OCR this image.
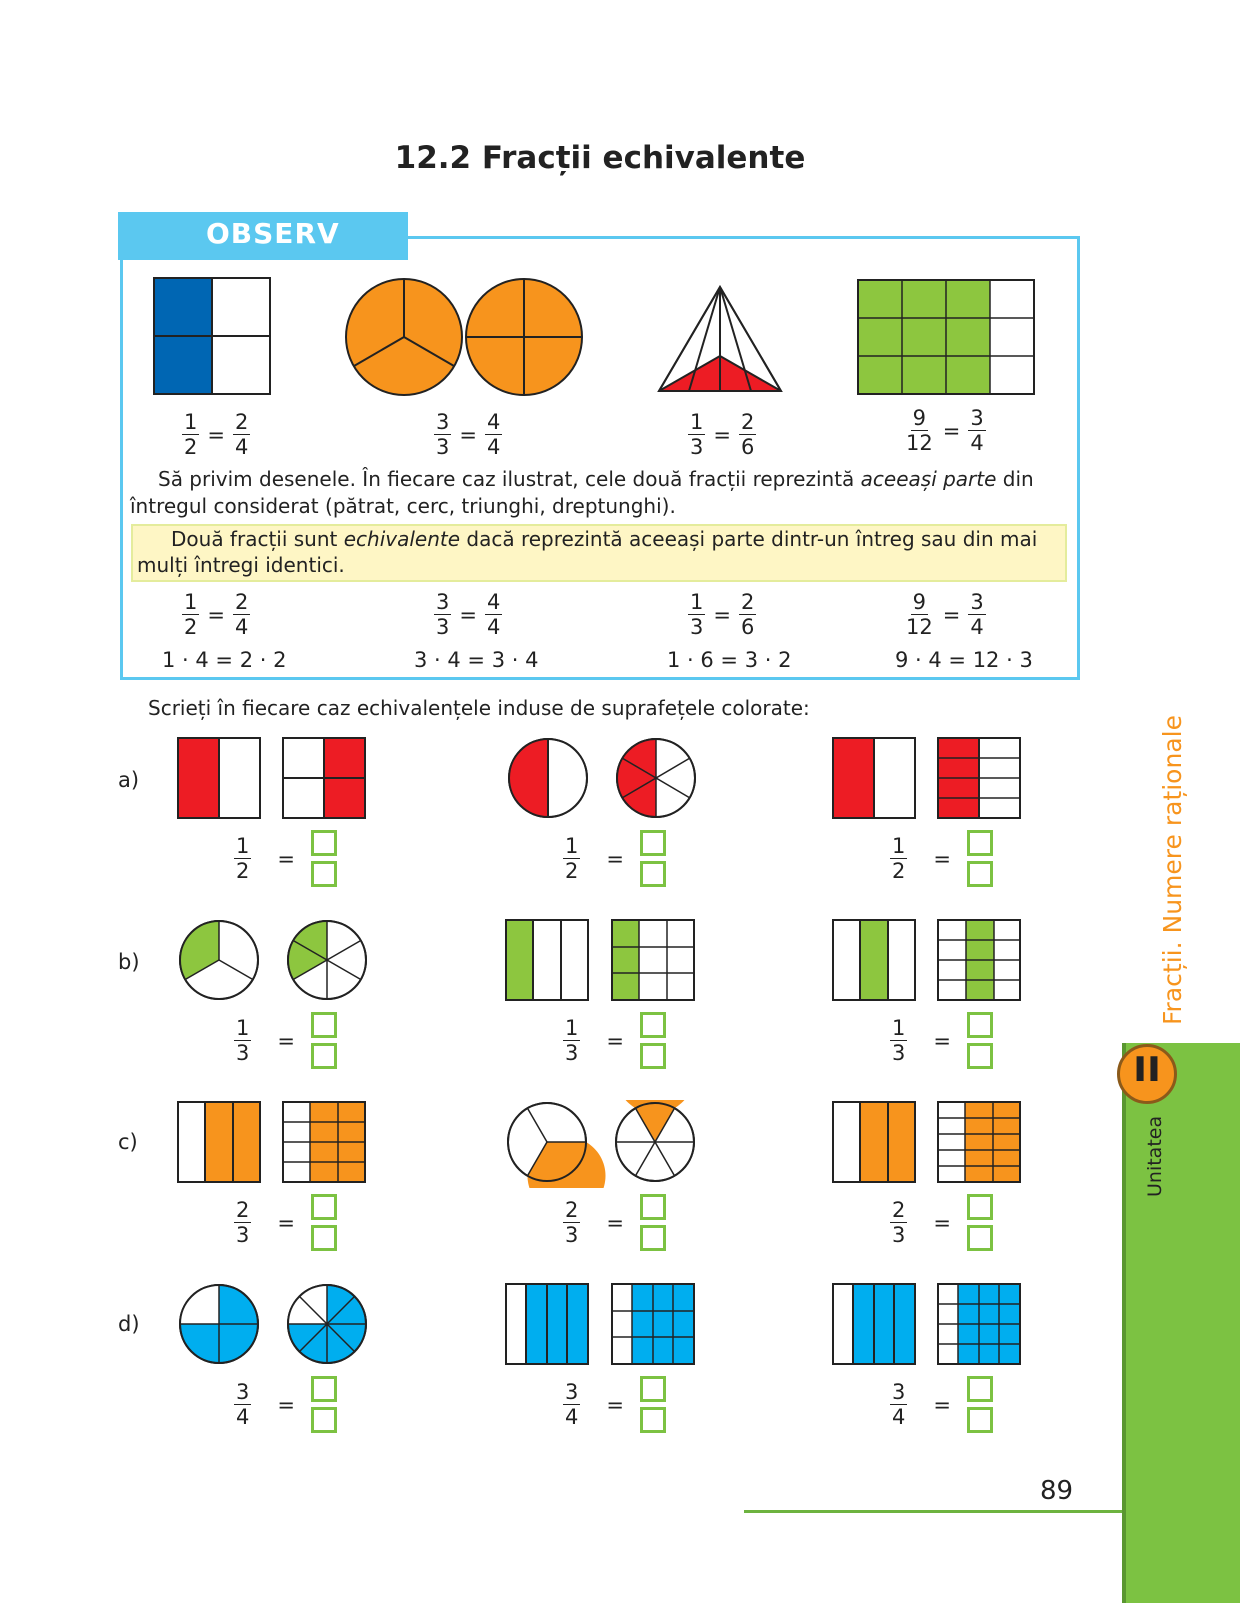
12.2 Fracții echivalente
OBSERV
$\frac{1}{2} = \frac{2}{4}$	$\frac{3}{3} = \frac{4}{4}$	$\frac{1}{3} = \frac{2}{6}$	$\frac{9}{12} = \frac{3}{4}$
Să privim desenele. În fiecare caz ilustrat, cele două fracții reprezintă aceeași parte din întregul considerat (pătrat, cerc, triunghi, dreptunghi).
Două fracții sunt echivalente dacă reprezintă aceeași parte dintr-un întreg sau din mai mulți întregi identici.
$\frac{1}{2} = \frac{2}{4}$	$\frac{3}{3} = \frac{4}{4}$	$\frac{1}{3} = \frac{2}{6}$	$\frac{9}{12} = \frac{3}{4}$
1 · 4 = 2 · 2	3 · 4 = 3 · 4	1 · 6 = 3 · 2	9 · 4 = 12 · 3
Scrieți în fiecare caz echivalențele induse de suprafețele colorate:
a)
b)
c)
d)
$\frac{1}{2}$ =	$\frac{1}{2}$ =	$\frac{1}{2}$ =
$\frac{1}{3}$ =	$\frac{1}{3}$ =	$\frac{1}{3}$ =
$\frac{2}{3}$ =	$\frac{2}{3}$ =	$\frac{2}{3}$ =
$\frac{3}{4}$ =	$\frac{3}{4}$ =	$\frac{3}{4}$ =
Fracții. Numere raționale
Unitatea
II
89
